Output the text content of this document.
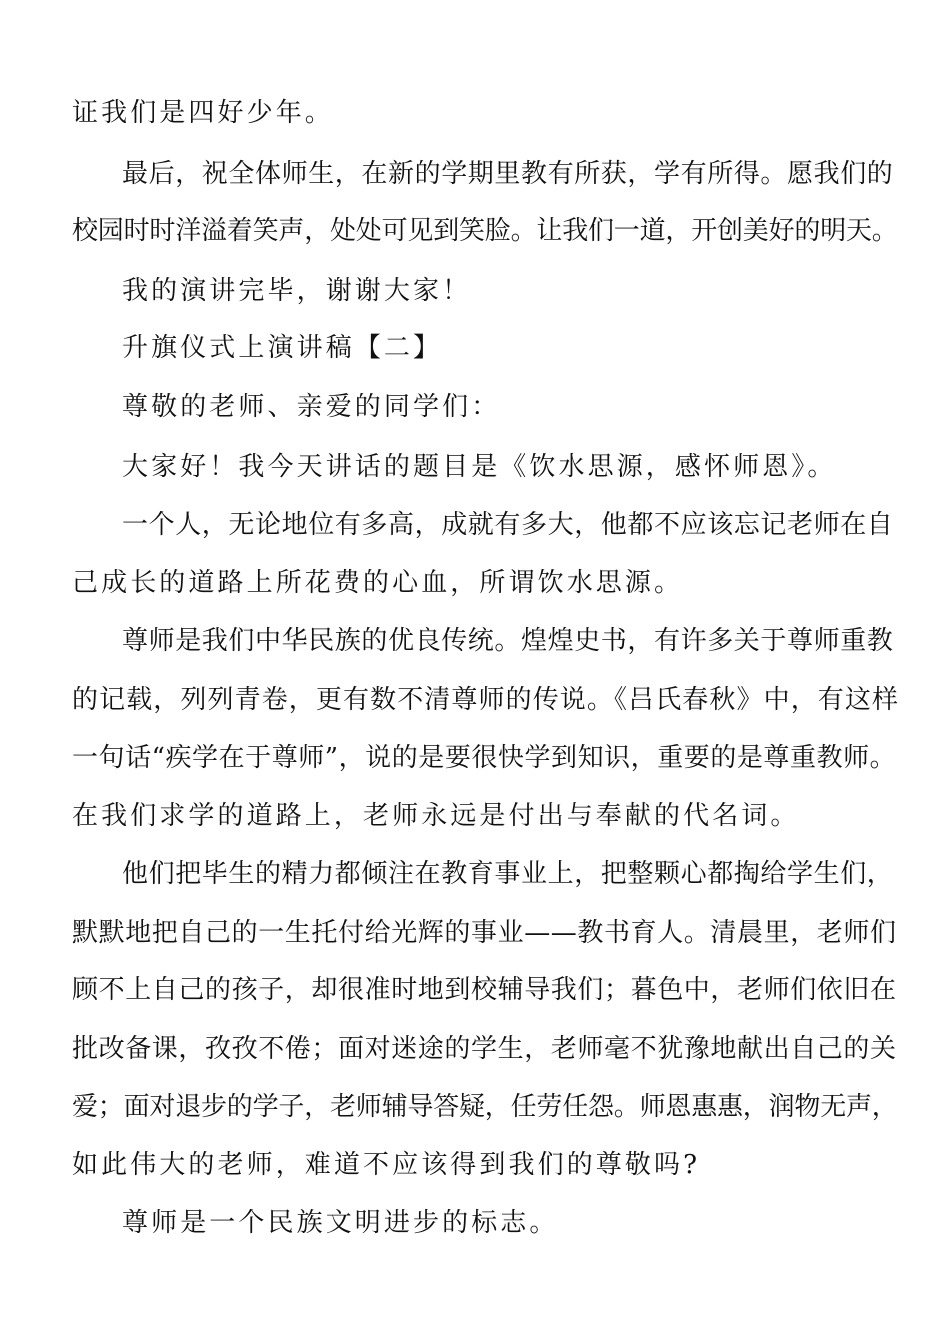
证我们是四好少年。

最后，祝全体师生，在新的学期里教有所获，学有所得。愿我们的

校园时时洋溢着笑声，处处可见到笑脸。让我们一道，开创美好的明天。

我的演讲完毕，谢谢大家！

升旗仪式上演讲稿【二】

尊敬的老师、亲爱的同学们：

大家好！我今天讲话的题目是《饮水思源，感怀师恩》。

一个人，无论地位有多高，成就有多大，他都不应该忘记老师在自

己成长的道路上所花费的心血，所谓饮水思源。

尊师是我们中华民族的优良传统。煌煌史书，有许多关于尊师重教

的记载，列列青卷，更有数不清尊师的传说。《吕氏春秋》中，有这样

一句话“疾学在于尊师”，说的是要很快学到知识，重要的是尊重教师。

在我们求学的道路上，老师永远是付出与奉献的代名词。

他们把毕生的精力都倾注在教育事业上，把整颗心都掏给学生们，

默默地把自己的一生托付给光辉的事业——教书育人。清晨里，老师们

顾不上自己的孩子，却很准时地到校辅导我们；暮色中，老师们依旧在

批改备课，孜孜不倦；面对迷途的学生，老师毫不犹豫地献出自己的关

爱；面对退步的学子，老师辅导答疑，任劳任怨。师恩惠惠，润物无声，

如此伟大的老师，难道不应该得到我们的尊敬吗?

尊师是一个民族文明进步的标志。
